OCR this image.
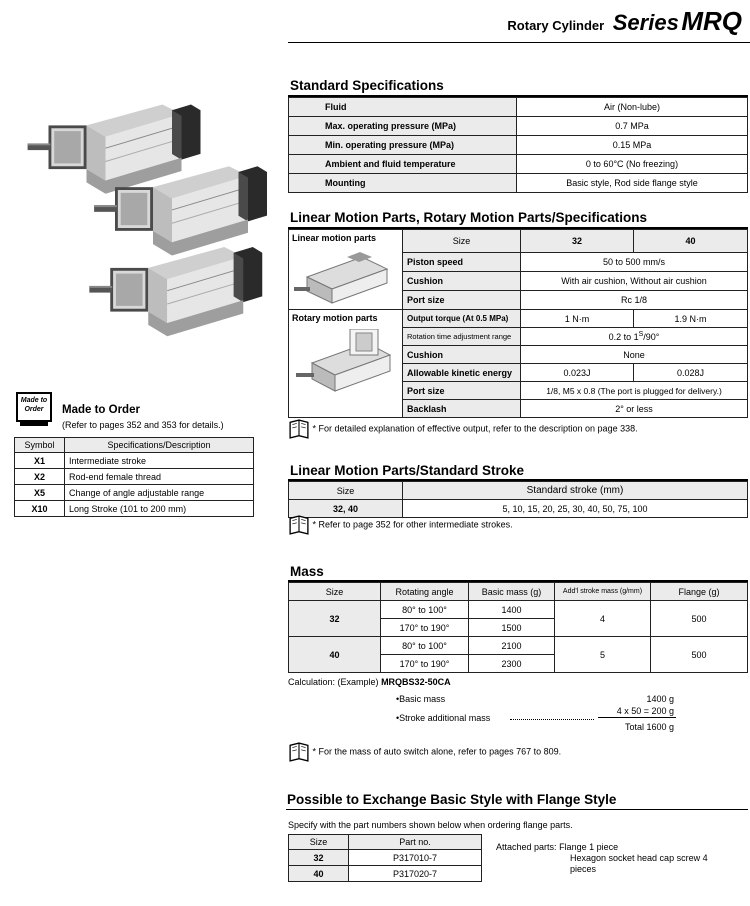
Rotary Cylinder Series MRQ
Made to
Order	Made to Order
(Refer to pages 352 and 353 for details.)
Symbol	Specifications/Description
X1	Intermediate stroke
X2	Rod-end female thread
X5	Change of angle adjustable range
X10	Long Stroke (101 to 200 mm)
Standard Specifications
Fluid	Air (Non-lube)
Max. operating pressure (MPa)	0.7 MPa
Min. operating pressure (MPa)	0.15 MPa
Ambient and fluid temperature	0 to 60°C (No freezing)
Mounting	Basic style, Rod side flange style
Linear Motion Parts, Rotary Motion Parts/Specifications
Linear motion parts	Size	32	40
	Piston speed	50 to 500 mm/s	
	Cushion	With air cushion, Without air cushion	
	Port size	Rc 1/8	

Rotary motion parts	Output torque (At 0.5 MPa)	1 N·m	1.9 N·m
	Rotation time adjustment range	0.2 to $1^S/90^\circ$	
	Cushion	None	
	Allowable kinetic energy	0.023J	0.028J
	Port size	1/8, M5 x 0.8 (The port is plugged for delivery.)	
	Backlash	2° or less	
* For detailed explanation of effective output, refer to the description on page 338.
Linear Motion Parts/Standard Stroke
Size	Standard stroke (mm)
32, 40	5, 10, 15, 20, 25, 30, 40, 50, 75, 100
* Refer to page 352 for other intermediate strokes.
Mass
Size	Rotating angle	Basic mass (g)	Add'l stroke mass (g/mm)	Flange (g)
32	80° to 100°	1400	4	500
	170° to 190°	1500		
40	80° to 100°	2100	5	500
	170° to 190°	2300		
Calculation: (Example) MRQBS32-50CA
•Basic mass	1400 g
•Stroke additional mass
4 x 50 = 200 g
Total 1600 g
* For the mass of auto switch alone, refer to pages 767 to 809.
Possible to Exchange Basic Style with Flange Style
Specify with the part numbers shown below when ordering flange parts.
Size	Part no.
32	P317010-7
40	P317020-7
Attached parts: Flange 1 piece
Hexagon socket head cap screw 4
pieces
